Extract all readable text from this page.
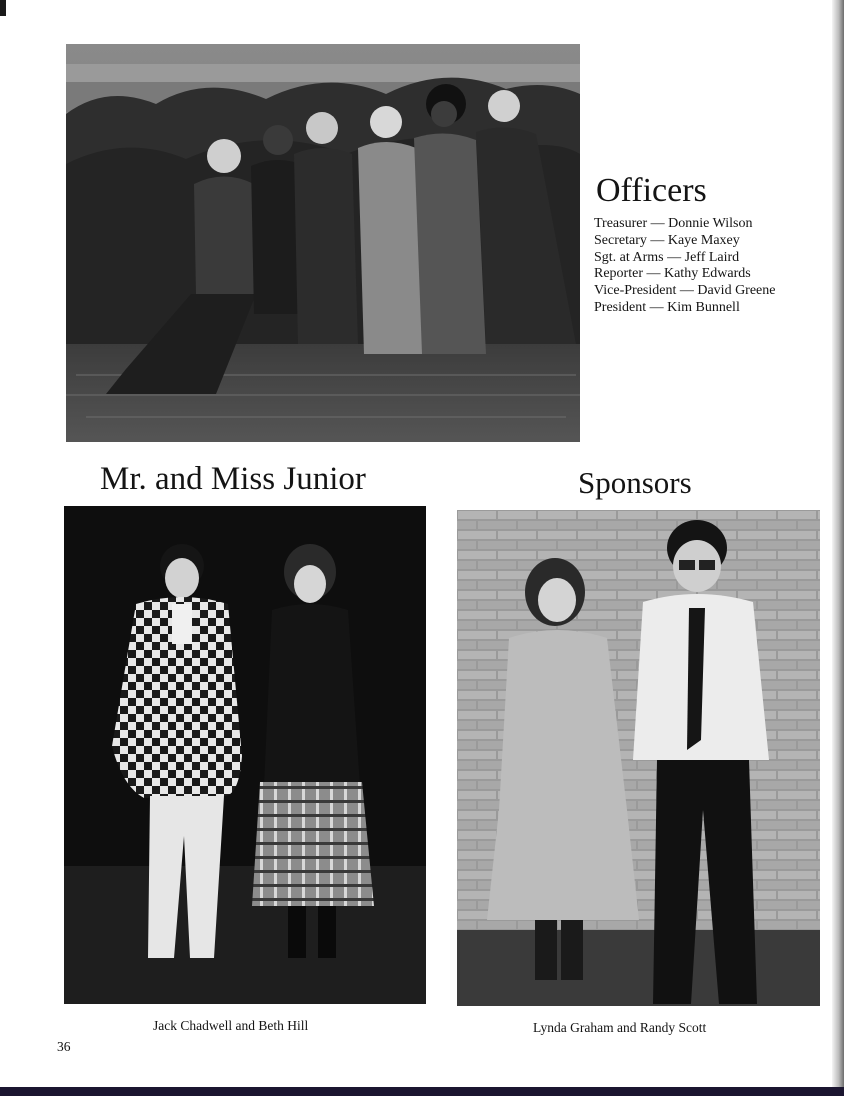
Officers
Treasurer — Donnie Wilson
Secretary — Kaye Maxey
Sgt. at Arms — Jeff Laird
Reporter — Kathy Edwards
Vice-President — David Greene
President — Kim Bunnell
Mr. and Miss Junior	Sponsors
Jack Chadwell and Beth Hill	Lynda Graham and Randy Scott
36
